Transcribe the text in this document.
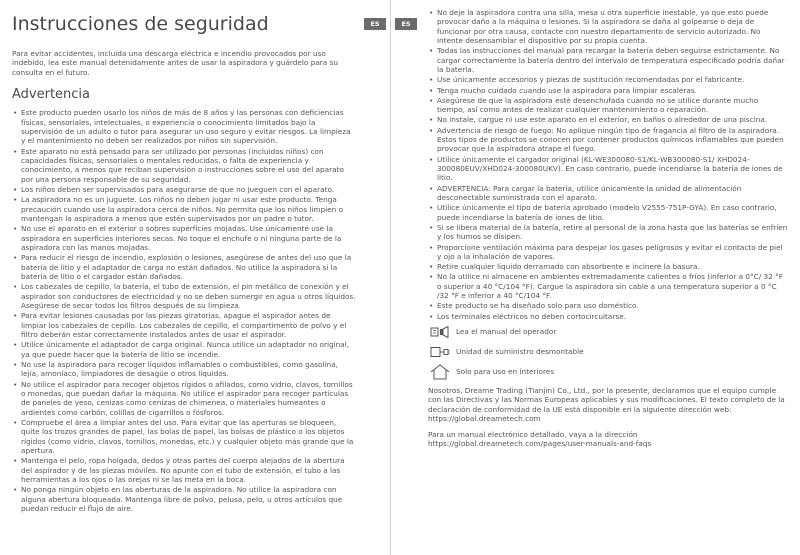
ES	ES
Instrucciones de seguridad

Para evitar accidentes, incluida una descarga eléctrica e incendio provocados por uso indebido, lea este manual detenidamente antes de usar la aspiradora y guárdelo para su consulta en el futuro.

Advertencia
• Este producto pueden usarlo los niños de más de 8 años y las personas con deficiencias físicas, sensoriales, intelectuales, o experiencia o conocimiento limitados bajo la supervisión de un adulto o tutor para asegurar un uso seguro y evitar riesgos. La limpieza y el mantenimiento no deben ser realizados por niños sin supervisión.
• Este aparato no está pensado para ser utilizado por personas (incluidos niños) con capacidades físicas, sensoriales o mentales reducidas, o falta de experiencia y conocimiento, a menos que reciban supervisión o instrucciones sobre el uso del aparato por una persona responsable de su seguridad.
• Los niños deben ser supervisados para asegurarse de que no jueguen con el aparato.
• La aspiradora no es un juguete. Los niños no deben jugar ni usar este producto. Tenga precaución cuando use la aspiradora cerca de niños. No permita que los niños limpien o mantengan la aspiradora a menos que estén supervisados por un padre o tutor.
• No use el aparato en el exterior o sobres superficies mojadas. Use únicamente use la aspiradora en superficies interiores secas. No toque el enchufe o ni ninguna parte de la aspiradora con las manos mojadas.
• Para reducir el riesgo de incendio, explosión o lesiones, asegúrese de antes del uso que la batería de litio y el adaptador de carga no están dañados. No utilice la aspiradora si la batería de litio o el cargador están dañados.
• Los cabezales de cepillo, la batería, el tubo de extensión, el pin metálico de conexión y el aspirador son conductores de electricidad y no se deben sumergir en agua u otros líquidos. Asegúrese de secar todos los filtros después de su limpieza.
• Para evitar lesiones causadas por las piezas giratorias, apague el aspirador antes de limpiar los cabezales de cepillo. Los cabezales de cepillo, el compartimento de polvo y el filtro deberán estar correctamente instalados antes de usar el aspirador.
• Utilice únicamente el adaptador de carga original. Nunca utilice un adaptador no original, ya que puede hacer que la batería de litio se incendie.
• No use la aspiradora para recoger líquidos inflamables o combustibles, como gasolina, lejía, amoniaco, limpiadores de desagüe o otros líquidos.
• No utilice el aspirador para recoger objetos rígidos o afilados, como vidrio, clavos, tornillos o monedas, que puedan dañar la máquina. No utilice el aspirador para recoger partículas de paneles de yeso, cenizas como cenizas de chimenea, o materiales humeantes o ardientes como carbón, colillas de cigarrillos o fósforos.
• Compruebe el área a limpiar antes del uso. Para evitar que las aperturas se bloqueen, quite los trozos grandes de papel, las bolas de papel, las bolsas de plástico o los objetos rígidos (como vidrio, clavos, tornillos, monedas, etc.) y cualquier objeto más grande que la apertura.
• Mantenga el pelo, ropa holgada, dedos y otras partes del cuerpo alejados de la abertura del aspirador y de las piezas móviles. No apunte con el tubo de extensión, el tubo a las herramientas a los ojos o las orejas ni se las meta en la boca.
• No ponga ningún objeto en las aberturas de la aspiradora. No utilice la aspiradora con alguna abertura bloqueada. Mantenga libre de polvo, pelusa, pelo, u otros artículos que puedan reducir el flujo de aire.
• No deje la aspiradora contra una silla, mesa u otra superficie inestable, ya que esto puede provocar daño a la máquina o lesiones. Si la aspiradora se daña al golpearse o deja de funcionar por otra causa, contacte con nuestro departamento de servicio autorizado. No intente desensamblar el dispositivo por su propia cuenta.
• Todas las instrucciones del manual para recargar la batería deben seguirse estrictamente. No cargar correctamente la batería dentro del intervalo de temperatura especificado podría dañar la batería.
• Use únicamente accesorios y piezas de sustitución recomendadas por el fabricante.
• Tenga mucho cuidado cuando use la aspiradora para limpiar escaleras.
• Asegúrese de que la aspiradora esté desenchufada cuando no se utilice durante mucho tiempo, así como antes de realizar cualquier mantenimiento o reparación.
• No instale, cargue ni use este aparato en el exterior, en baños o alrededor de una piscina.
• Advertencia de riesgo de fuego: No aplique ningún tipo de fragancia al filtro de la aspiradora. Estos tipos de productos se conocen por contener productos químicos inflamables que pueden provocar que la aspiradora atrape el fuego.
• Utilice únicamente el cargador original (KL-WE300080-S1/KL-WB300080-S1/ XHD024-300080EUV/XHD024-300080UKV). En caso contrario, puede incendiarse la batería de iones de litio.
• ADVERTENCIA: Para cargar la batería, utilice únicamente la unidad de alimentación desconectable suministrada con el aparato.
• Utilice únicamente el tipo de batería aprobado (modelo V2555-751P-GYA). En caso contrario, puede incendiarse la batería de iones de litio.
• Si se libera material de la batería, retire al personal de la zona hasta que las baterías se enfríen y los humos se disipen.
• Proporcione ventilación máxima para despejar los gases peligrosos y evitar el contacto de piel y ojo a la inhalación de vapores.
• Retire cualquier líquido derramado con absorbente e incinere la basura.
• No la utilice ni almacene en ambientes extremadamente calientes o fríos (inferior a 0°C/ 32 °F o superior a 40 °C/104 °F). Cargue la aspiradora sin cable a una temperatura superior a 0 °C /32 °F e inferior a 40 °C/104 °F.
• Este producto se ha diseñado solo para uso doméstico.
• Los terminales eléctricos no deben cortocircuitarse.
Lea el manual del operador
Unidad de suministro desmontable
Solo para uso en interiores

Nosotros, Dreame Trading (Tianjin) Co., Ltd., por la presente, declaramos que el equipo cumple con las Directivas y las Normas Europeas aplicables y sus modificaciones. El texto completo de la declaración de conformidad de la UE está disponible en la siguiente dirección web: https://global.dreametech.com

Para un manual electrónico detallado, vaya a la dirección https://global.dreametech.com/pages/user-manuals-and-faqs
